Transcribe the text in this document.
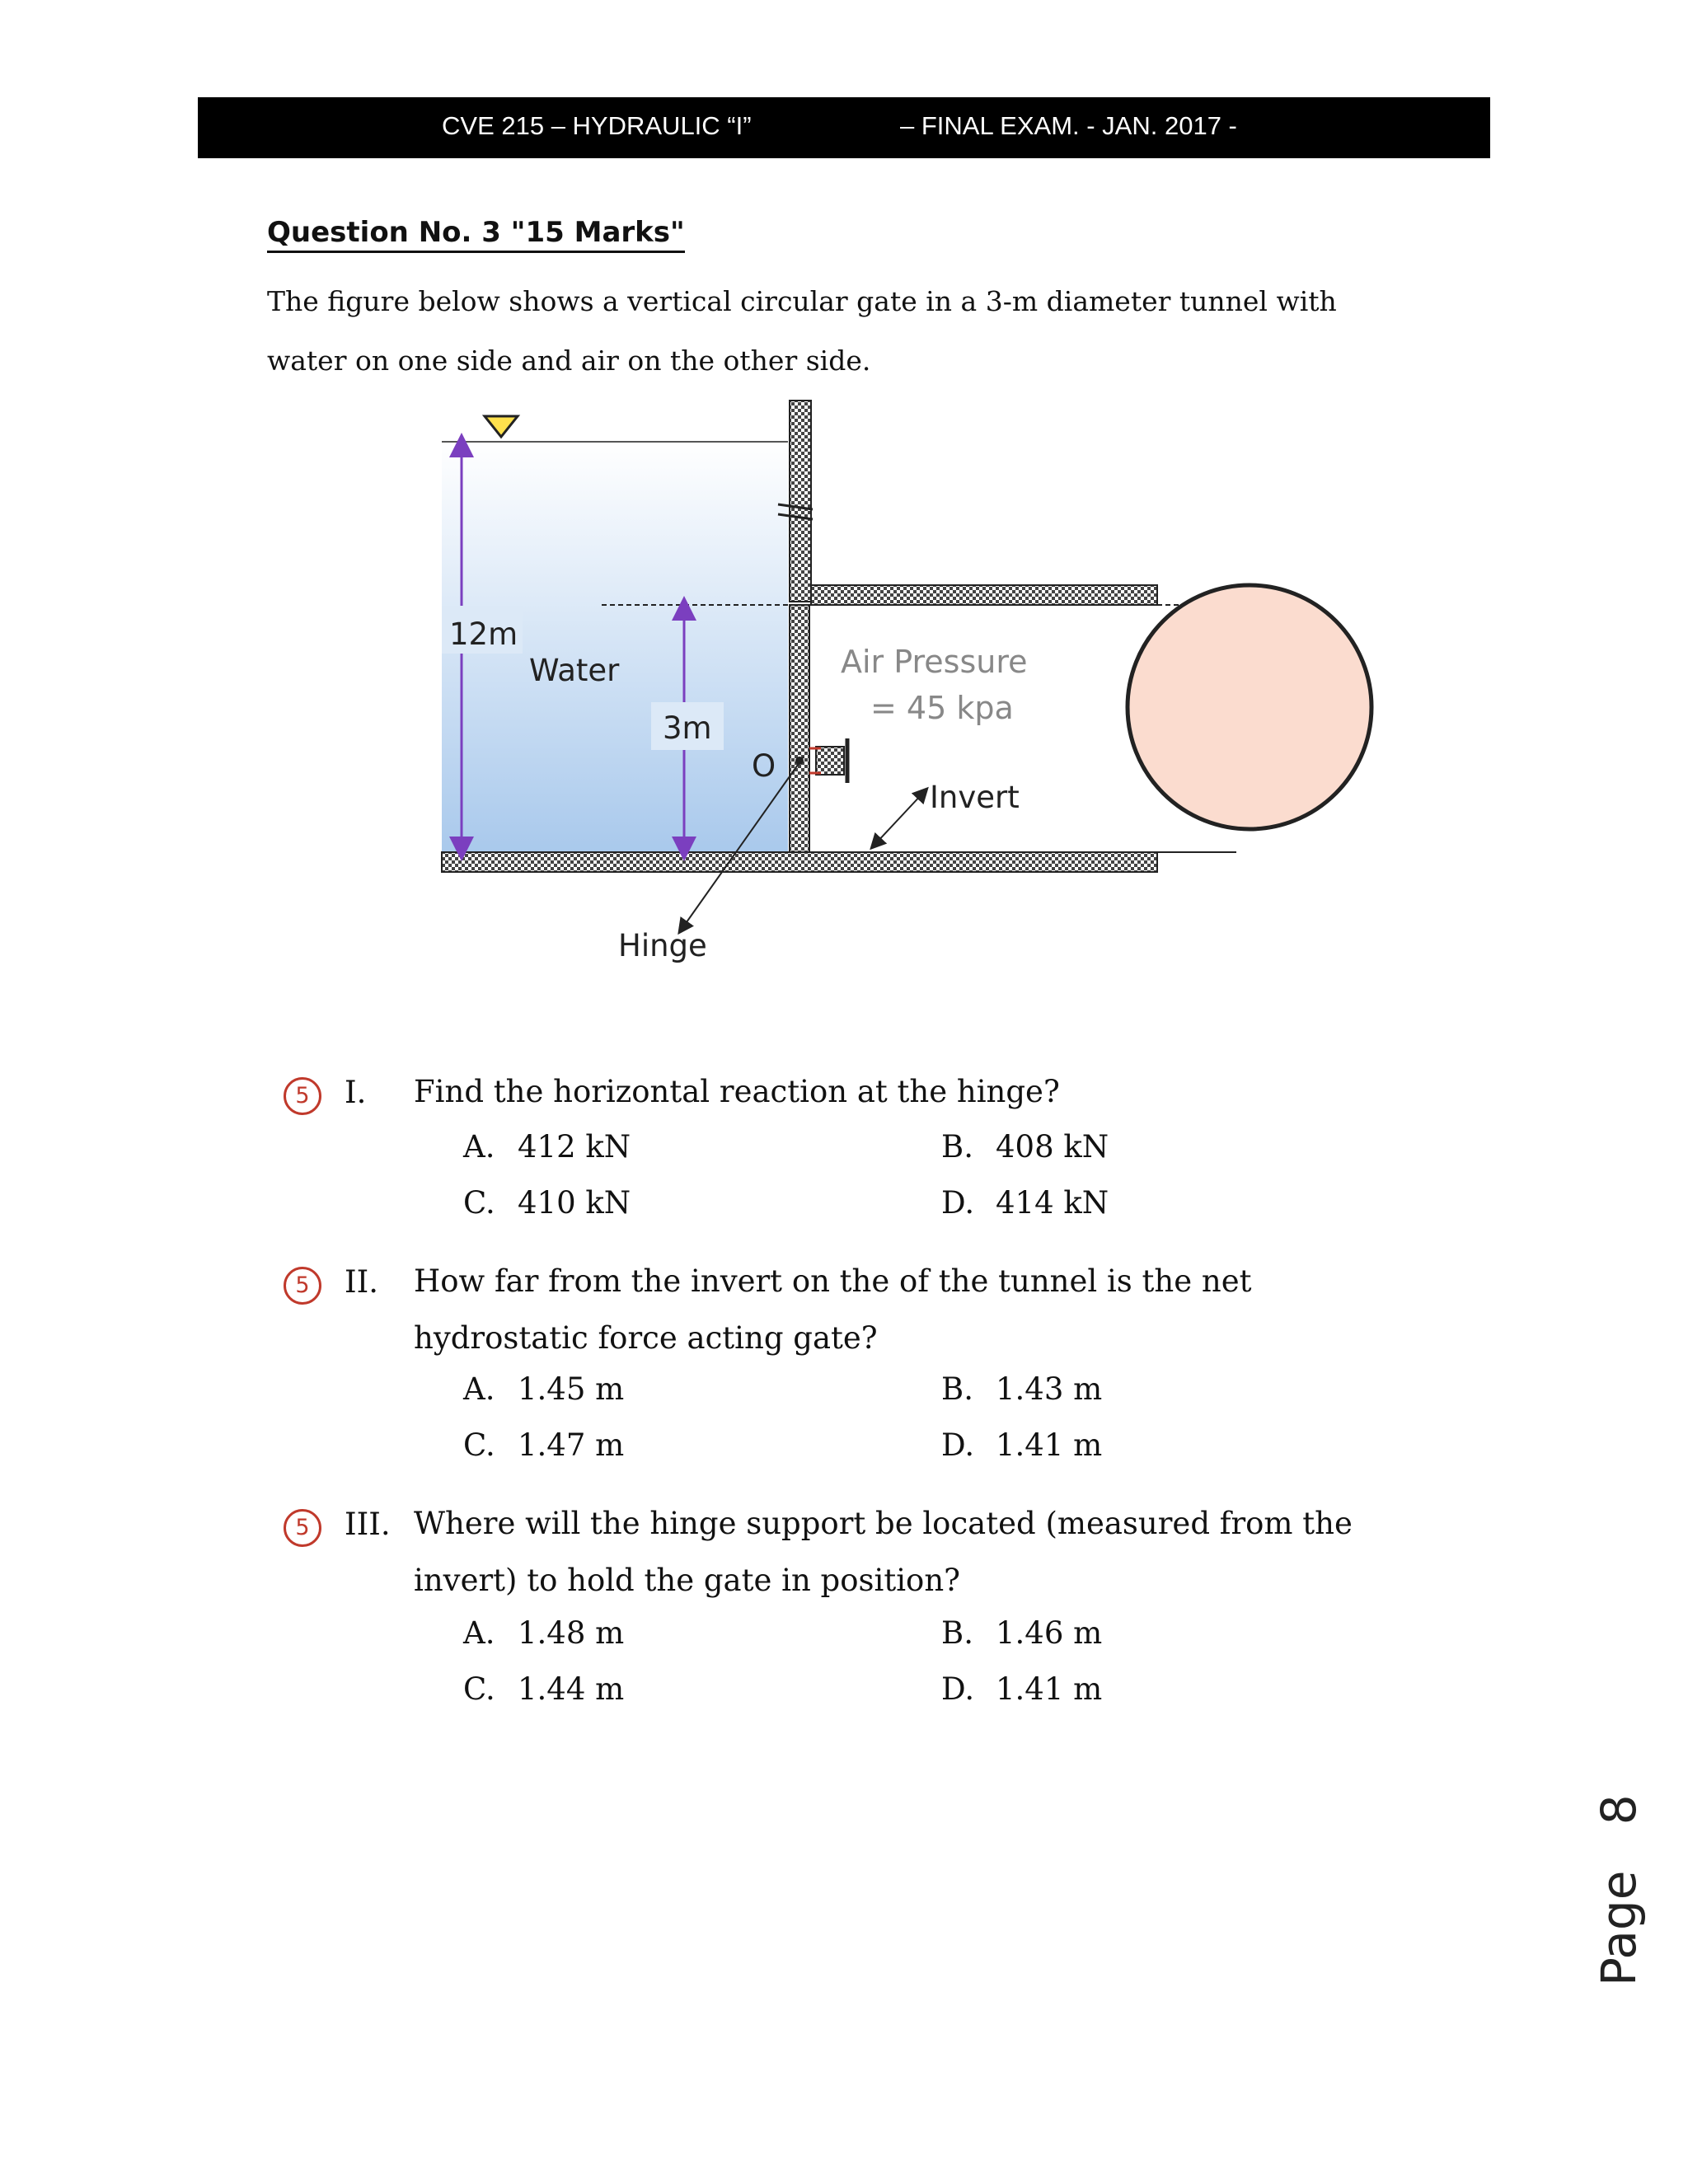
CVE 215 – HYDRAULIC “I”	– FINAL EXAM. - JAN. 2017 -
Question No. 3 "15 Marks"
The figure below shows a vertical circular gate in a 3-m diameter tunnel with water on one side and air on the other side.
12m
Water
3m
O
Air Pressure
= 45 kpa
Invert
Hinge
5	I. Find the horizontal reaction at the hinge?
A. 412 kN	B. 408 kN
C. 410 kN	D. 414 kN
5	II. How far from the invert on the of the tunnel is the net hydrostatic force acting gate?
A. 1.45 m	B. 1.43 m
C. 1.47 m	D. 1.41 m
5	III. Where will the hinge support be located (measured from the invert) to hold the gate in position?
A. 1.48 m	B. 1.46 m
C. 1.44 m	D. 1.41 m
Page   8
